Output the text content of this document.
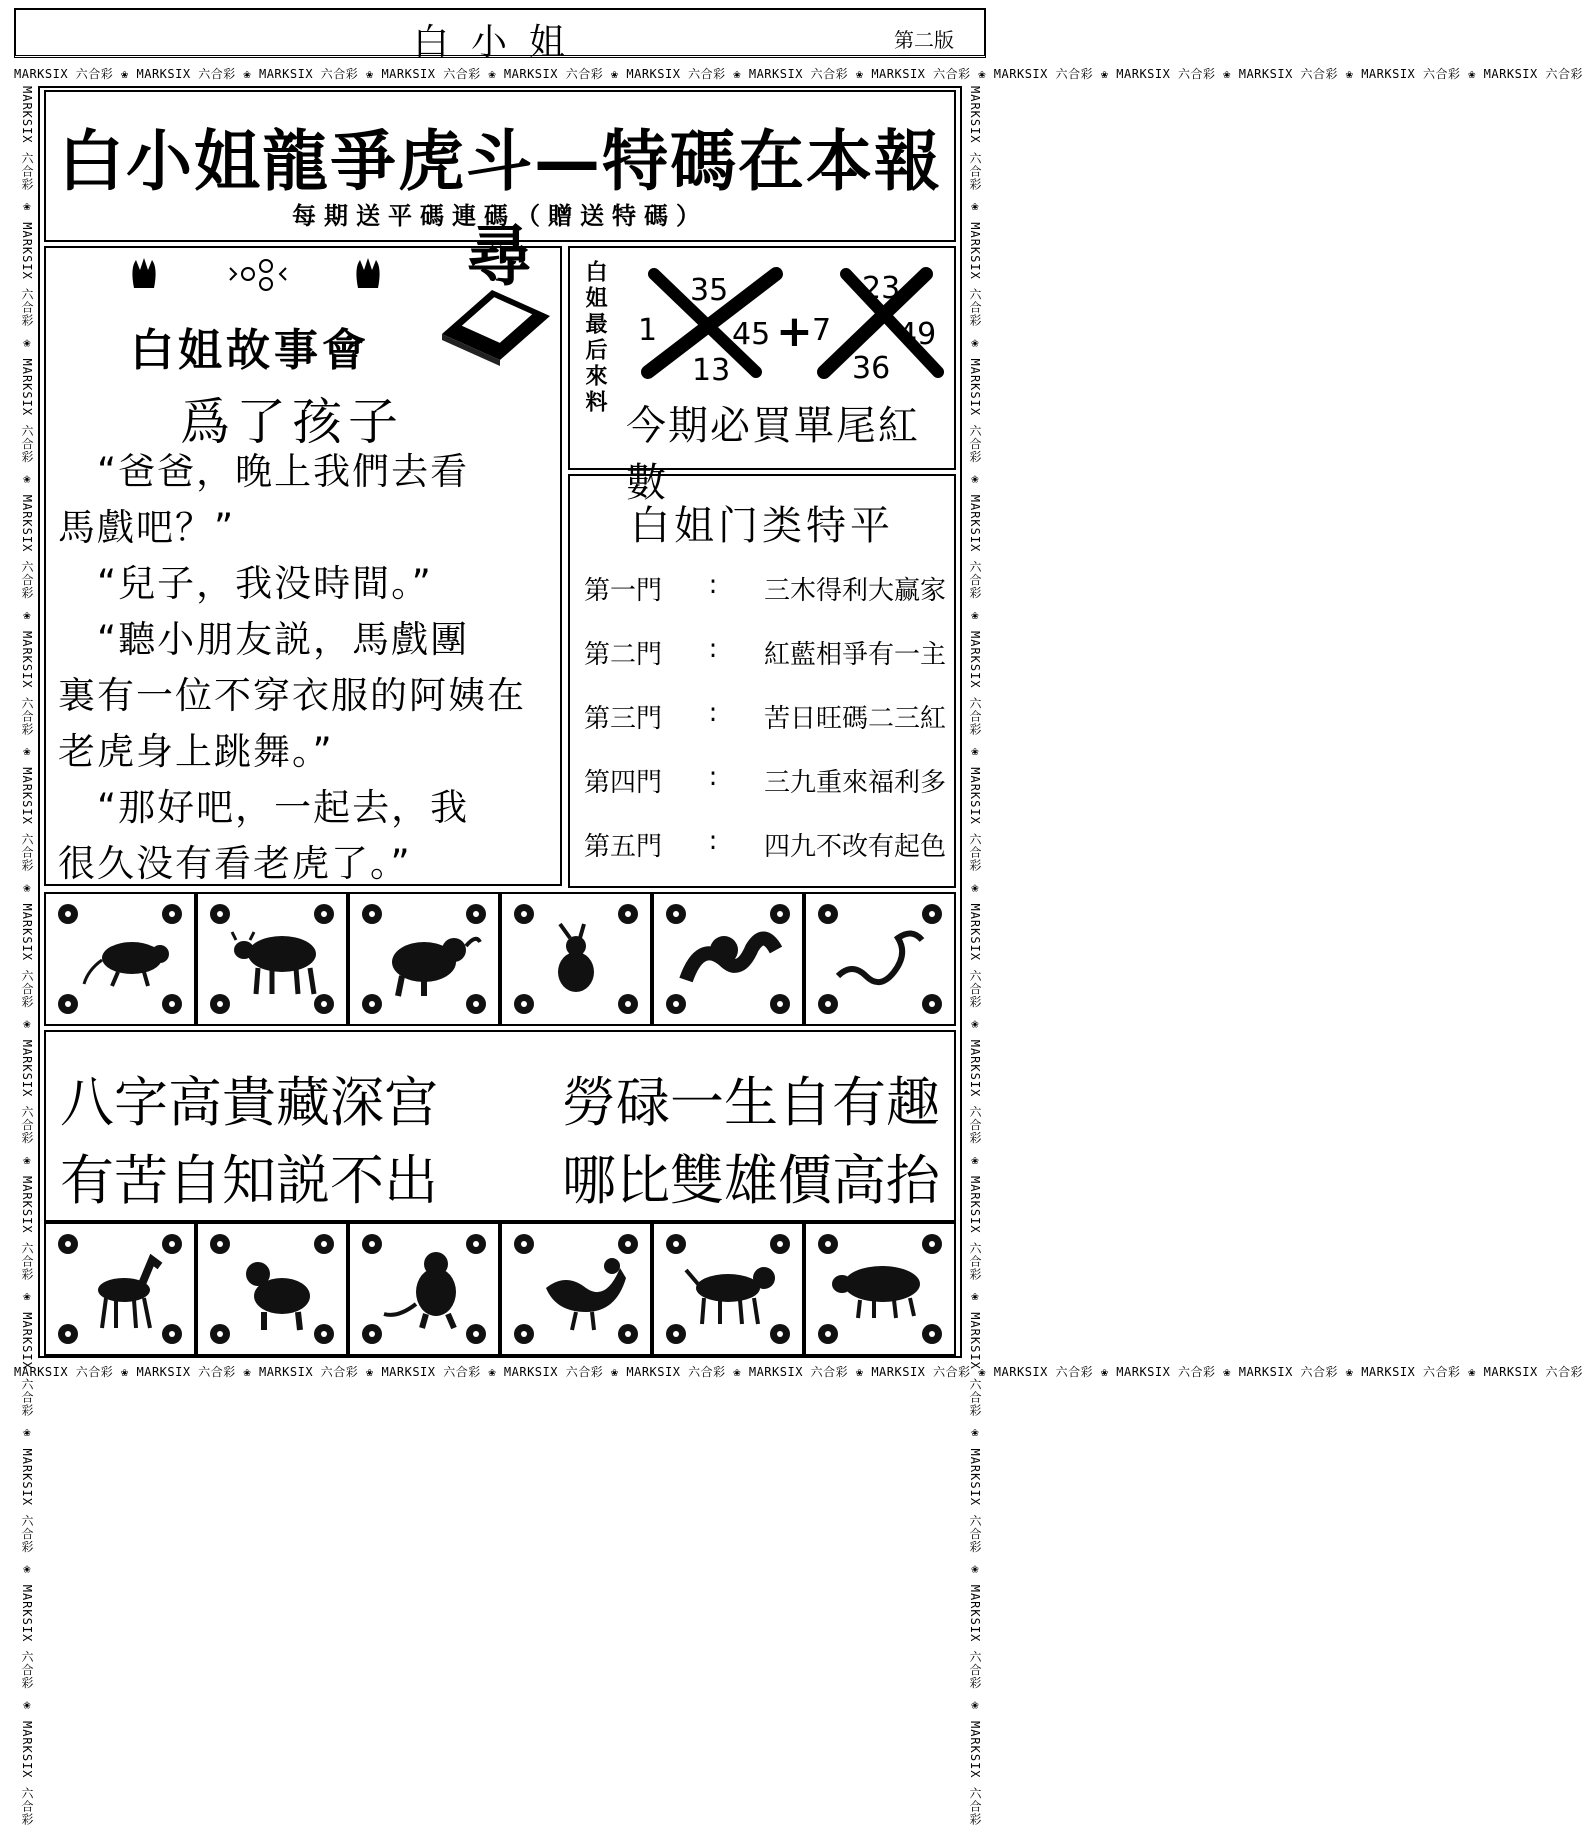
白小姐	第二版
MARKSIX 六合彩 ❀ MARKSIX 六合彩 ❀ MARKSIX 六合彩 ❀ MARKSIX 六合彩 ❀ MARKSIX 六合彩 ❀ MARKSIX 六合彩 ❀ MARKSIX 六合彩 ❀ MARKSIX 六合彩 ❀ MARKSIX 六合彩 ❀ MARKSIX 六合彩 ❀ MARKSIX 六合彩 ❀ MARKSIX 六合彩 ❀ MARKSIX 六合彩
MARKSIX 六合彩 ❀ MARKSIX 六合彩 ❀ MARKSIX 六合彩 ❀ MARKSIX 六合彩 ❀ MARKSIX 六合彩 ❀ MARKSIX 六合彩 ❀ MARKSIX 六合彩 ❀ MARKSIX 六合彩 ❀ MARKSIX 六合彩 ❀ MARKSIX 六合彩 ❀ MARKSIX 六合彩 ❀ MARKSIX 六合彩 ❀ MARKSIX 六合彩
MARKSIX 六合彩 ❀ MARKSIX 六合彩 ❀ MARKSIX 六合彩 ❀ MARKSIX 六合彩 ❀ MARKSIX 六合彩 ❀ MARKSIX 六合彩 ❀ MARKSIX 六合彩 ❀ MARKSIX 六合彩 ❀ MARKSIX 六合彩 ❀ MARKSIX 六合彩 ❀ MARKSIX 六合彩 ❀ MARKSIX 六合彩 ❀ MARKSIX 六合彩
MARKSIX 六合彩 ❀ MARKSIX 六合彩 ❀ MARKSIX 六合彩 ❀ MARKSIX 六合彩 ❀ MARKSIX 六合彩 ❀ MARKSIX 六合彩 ❀ MARKSIX 六合彩 ❀ MARKSIX 六合彩 ❀ MARKSIX 六合彩 ❀ MARKSIX 六合彩 ❀ MARKSIX 六合彩 ❀ MARKSIX 六合彩 ❀ MARKSIX 六合彩
白小姐龍爭虎斗—特碼在本報尋
每期送平碼連碼（贈送特碼）
白姐故事會
爲了孩子
　“爸爸，晚上我們去看
馬戲吧？”
　“兒子，我没時間。”
　“聽小朋友説，馬戲團
裏有一位不穿衣服的阿姨在
老虎身上跳舞。”
　“那好吧，一起去，我
很久没有看老虎了。”
白姐最后來料	35
1 45
13
+
23
7 49
36
今期必買單尾紅數
白姐门类特平
第一門 : 三木得利大赢家
第二門 : 紅藍相爭有一主
第三門 : 苦日旺碼二三紅
第四門 : 三九重來福利多
第五門 : 四九不改有起色
八字高貴藏深宫 勞碌一生自有趣
有苦自知説不出 哪比雙雄價高抬
